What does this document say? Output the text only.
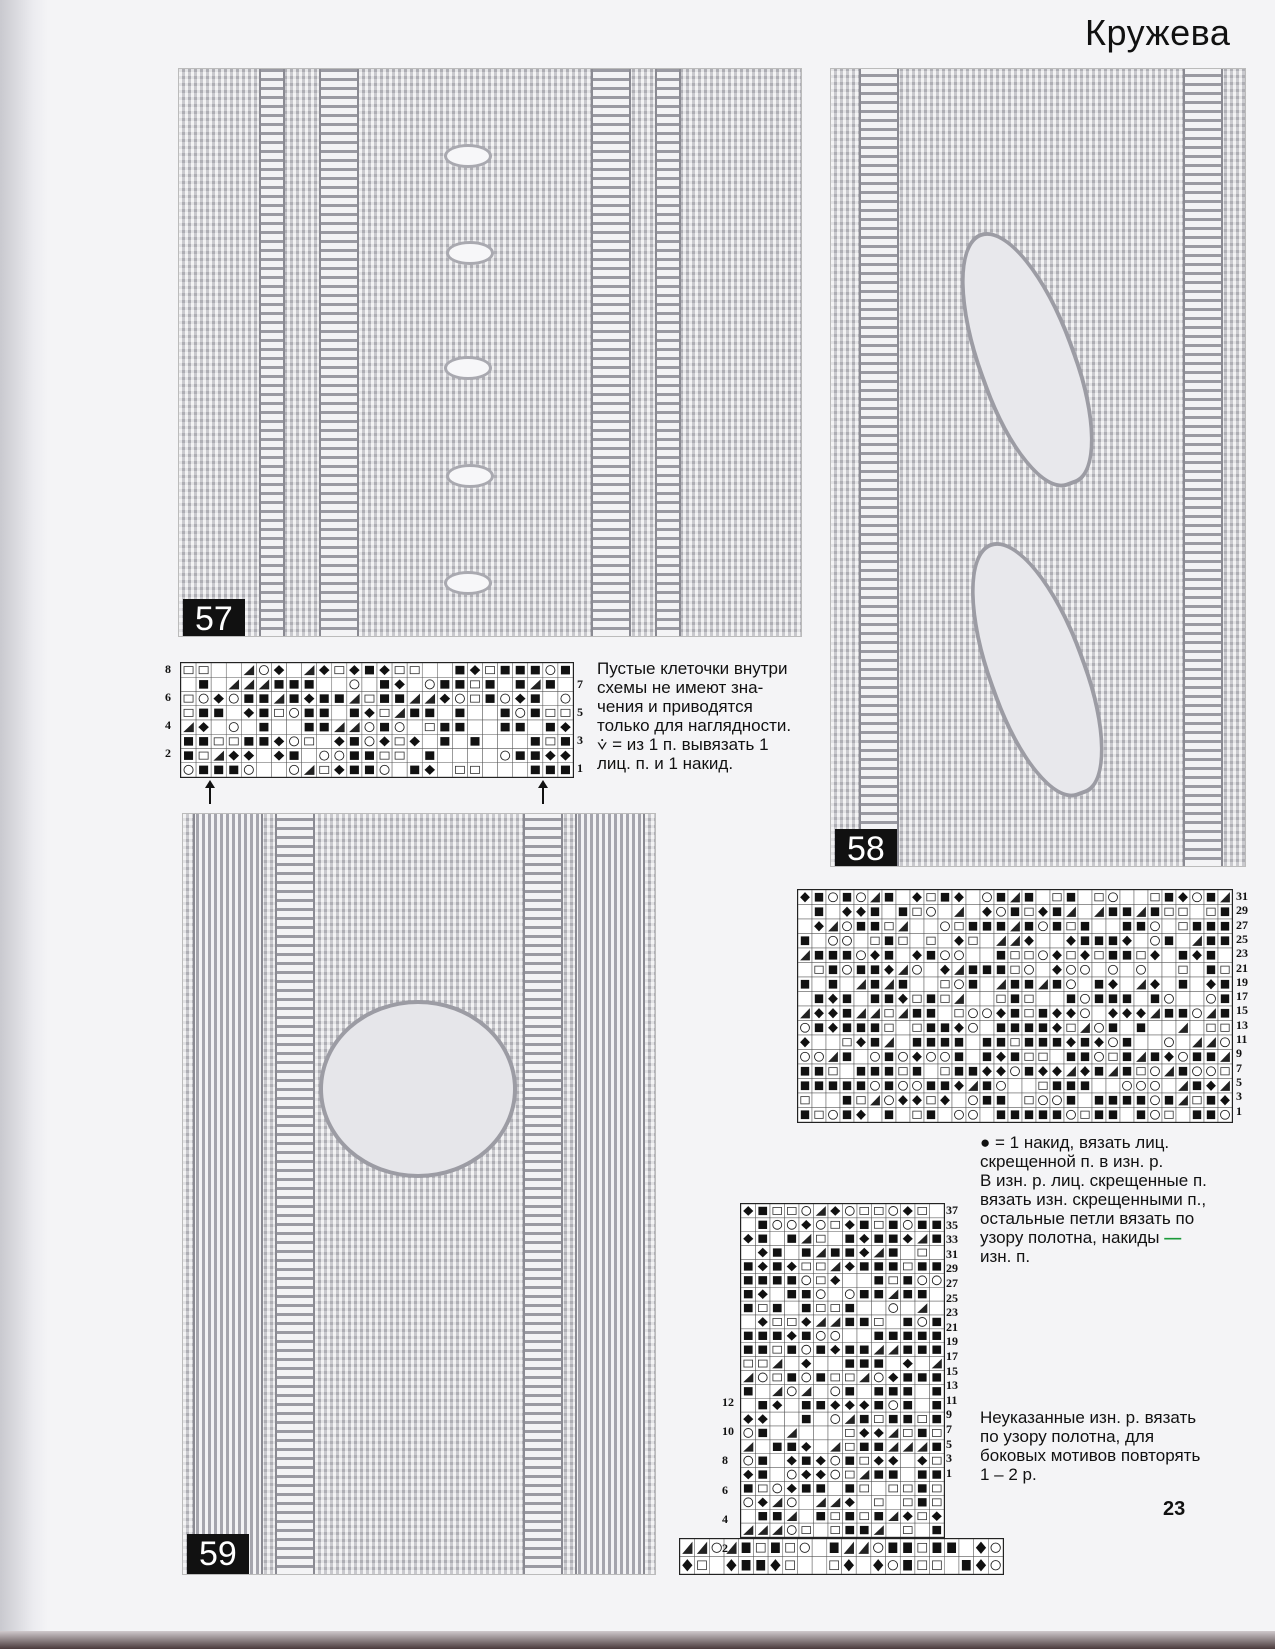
Кружева
57
58
59
8
6
4
2
7
5
3
1
Пустые клеточки внутри
схемы не имеют зна-
чения и приводятся
только для наглядности.
⩒ = из 1 п. вывязать 1
лиц. п. и 1 накид.
31
29
27
25
23
21
19
17
15
13
11
9
7
5
3
1
● = 1 накид, вязать лиц.
скрещенной п. в изн. р.
В изн. р. лиц. скрещенные п.
вязать изн. скрещенными п.,
остальные петли вязать по
узору полотна, накиды —
изн. п.
37
35
33
31
29
27
25
23
21
19
17
15
13
11
9
7
5
3
1
12
10
8
6
4
2
Неуказанные изн. р. вязать
по узору полотна, для
боковых мотивов повторять
1 – 2 р.
23
